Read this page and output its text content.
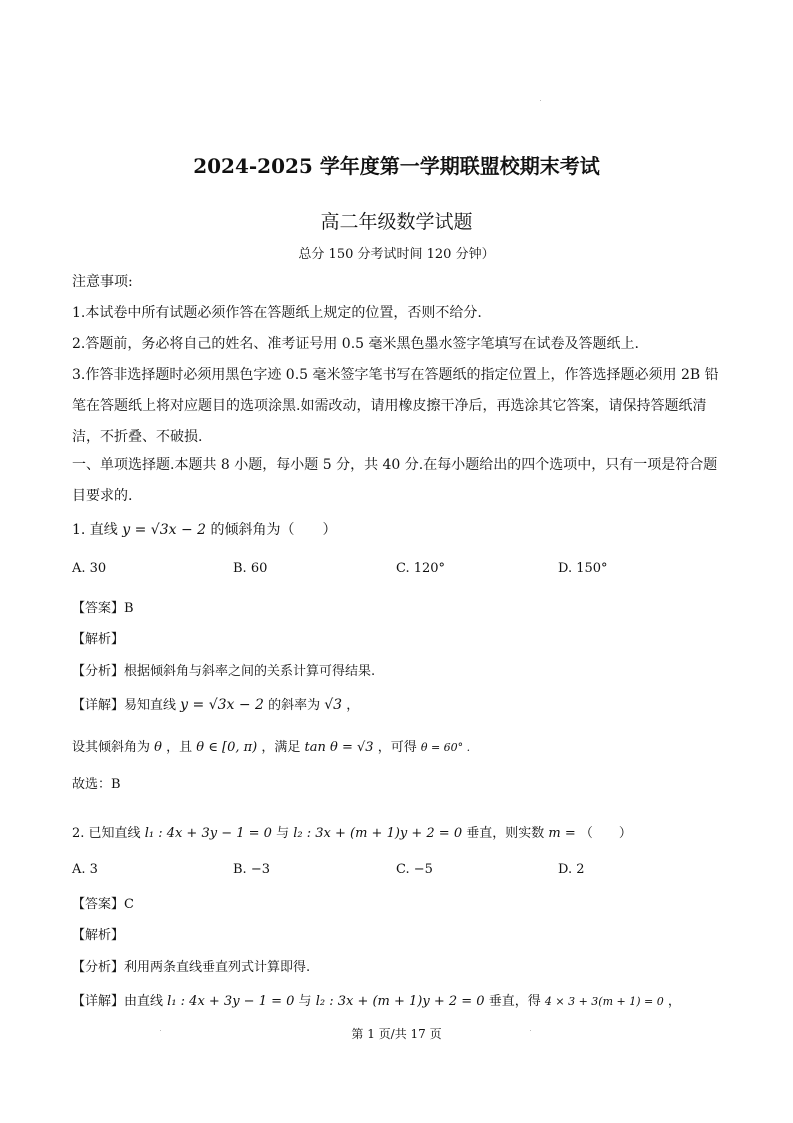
2024-2025 学年度第一学期联盟校期末考试
高二年级数学试题
总分 150 分考试时间 120 分钟）
注意事项:
1.本试卷中所有试题必须作答在答题纸上规定的位置，否则不给分.
2.答题前，务必将自己的姓名、准考证号用 0.5 毫米黑色墨水签字笔填写在试卷及答题纸上.
3.作答非选择题时必须用黑色字迹 0.5 毫米签字笔书写在答题纸的指定位置上，作答选择题必须用 2B 铅笔在答题纸上将对应题目的选项涂黑.如需改动，请用橡皮擦干净后，再选涂其它答案，请保持答题纸清洁，不折叠、不破损.
一、单项选择题.本题共 8 小题，每小题 5 分，共 40 分.在每小题给出的四个选项中，只有一项是符合题目要求的.
1. 直线 y = √3x − 2 的倾斜角为（　　）
A. 30	B. 60	C. 120°	D. 150°
【答案】B
【解析】
【分析】根据倾斜角与斜率之间的关系计算可得结果.
【详解】易知直线 y = √3x − 2 的斜率为 √3 ，
设其倾斜角为 θ ，且 θ ∈ [0, π) ，满足 tan θ = √3 ，可得 θ = 60° .
故选：B
2. 已知直线 l₁ : 4x + 3y − 1 = 0 与 l₂ : 3x + (m + 1)y + 2 = 0 垂直，则实数 m = （　　）
A. 3	B. −3	C. −5	D. 2
【答案】C
【解析】
【分析】利用两条直线垂直列式计算即得.
【详解】由直线 l₁ : 4x + 3y − 1 = 0 与 l₂ : 3x + (m + 1)y + 2 = 0 垂直，得 4 × 3 + 3(m + 1) = 0 ，
第 1 页/共 17 页
